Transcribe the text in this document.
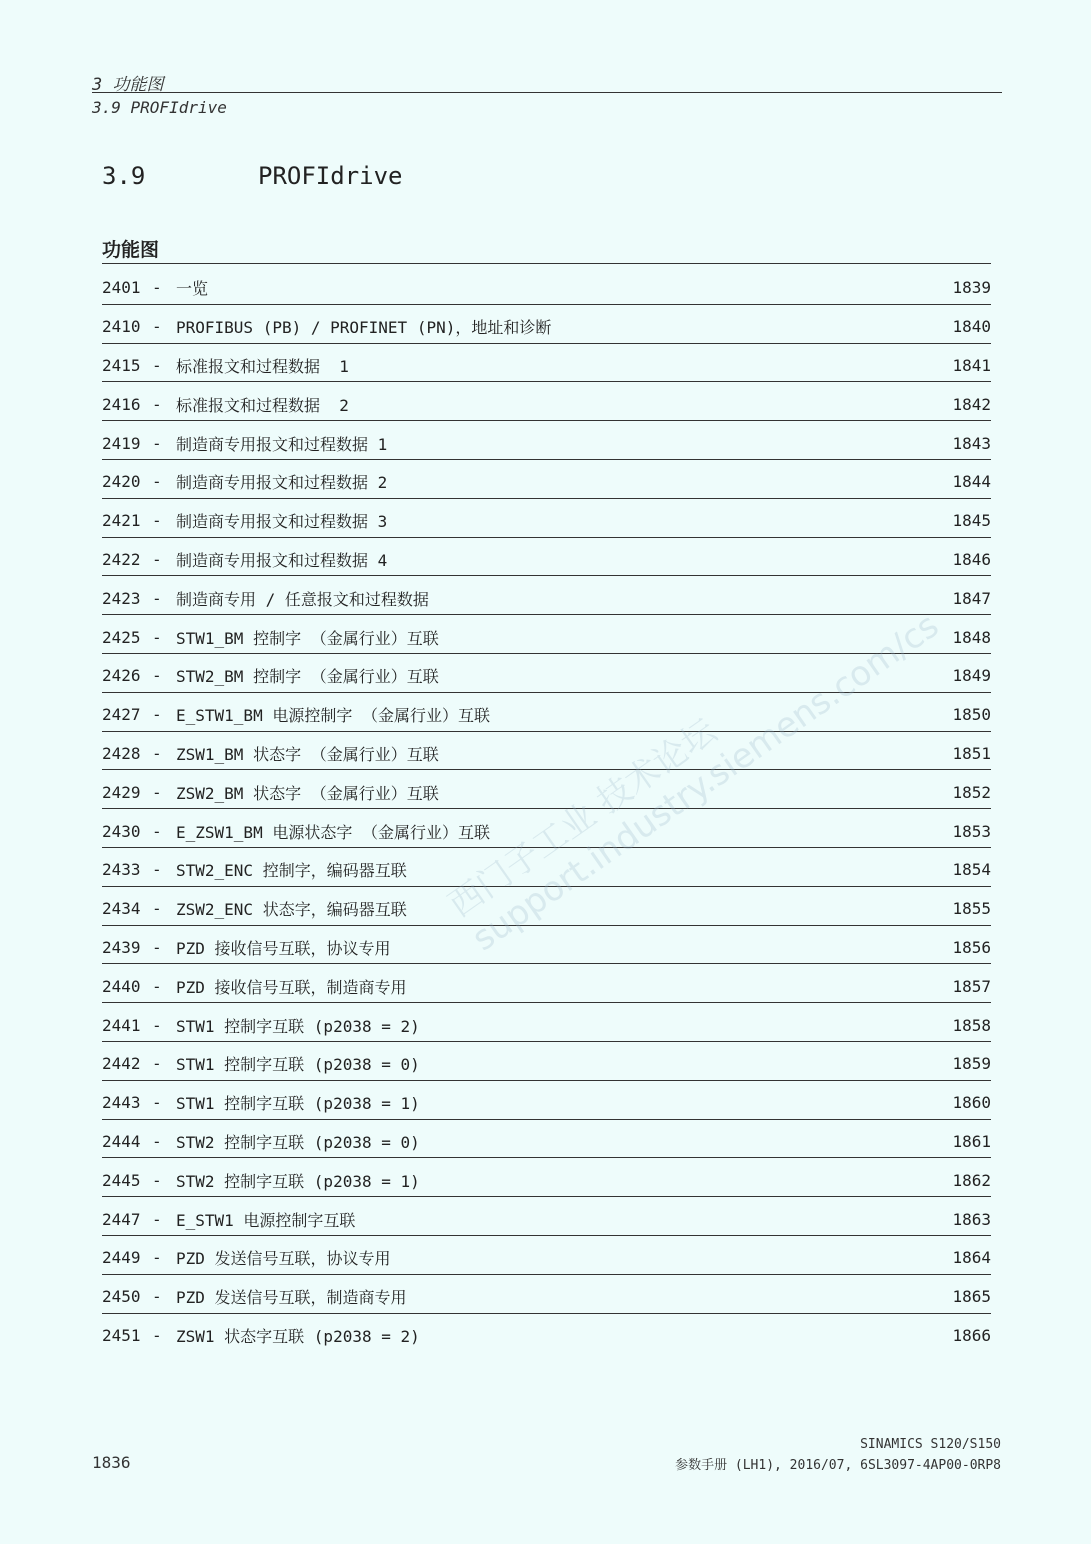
3 功能图
3.9 PROFIdrive
3.9	PROFIdrive
功能图
2401 - 一览	1839
2410 - PROFIBUS (PB) / PROFINET (PN)，地址和诊断	1840
2415 - 标准报文和过程数据  1	1841
2416 - 标准报文和过程数据  2	1842
2419 - 制造商专用报文和过程数据 1	1843
2420 - 制造商专用报文和过程数据 2	1844
2421 - 制造商专用报文和过程数据 3	1845
2422 - 制造商专用报文和过程数据 4	1846
2423 - 制造商专用 / 任意报文和过程数据	1847
2425 - STW1_BM 控制字 （金属行业）互联	1848
2426 - STW2_BM 控制字 （金属行业）互联	1849
2427 - E_STW1_BM 电源控制字 （金属行业）互联	1850
2428 - ZSW1_BM 状态字 （金属行业）互联	1851
2429 - ZSW2_BM 状态字 （金属行业）互联	1852
2430 - E_ZSW1_BM 电源状态字 （金属行业）互联	1853
2433 - STW2_ENC 控制字，编码器互联	1854
2434 - ZSW2_ENC 状态字，编码器互联	1855
2439 - PZD 接收信号互联，协议专用	1856
2440 - PZD 接收信号互联，制造商专用	1857
2441 - STW1 控制字互联 (p2038 = 2)	1858
2442 - STW1 控制字互联 (p2038 = 0)	1859
2443 - STW1 控制字互联 (p2038 = 1)	1860
2444 - STW2 控制字互联 (p2038 = 0)	1861
2445 - STW2 控制字互联 (p2038 = 1)	1862
2447 - E_STW1 电源控制字互联	1863
2449 - PZD 发送信号互联，协议专用	1864
2450 - PZD 发送信号互联，制造商专用	1865
2451 - ZSW1 状态字互联 (p2038 = 2)	1866
西门子工业 技术论坛 support.industry.siemens.com/cs
1836
SINAMICS S120/S150
参数手册 (LH1), 2016/07, 6SL3097-4AP00-0RP8
